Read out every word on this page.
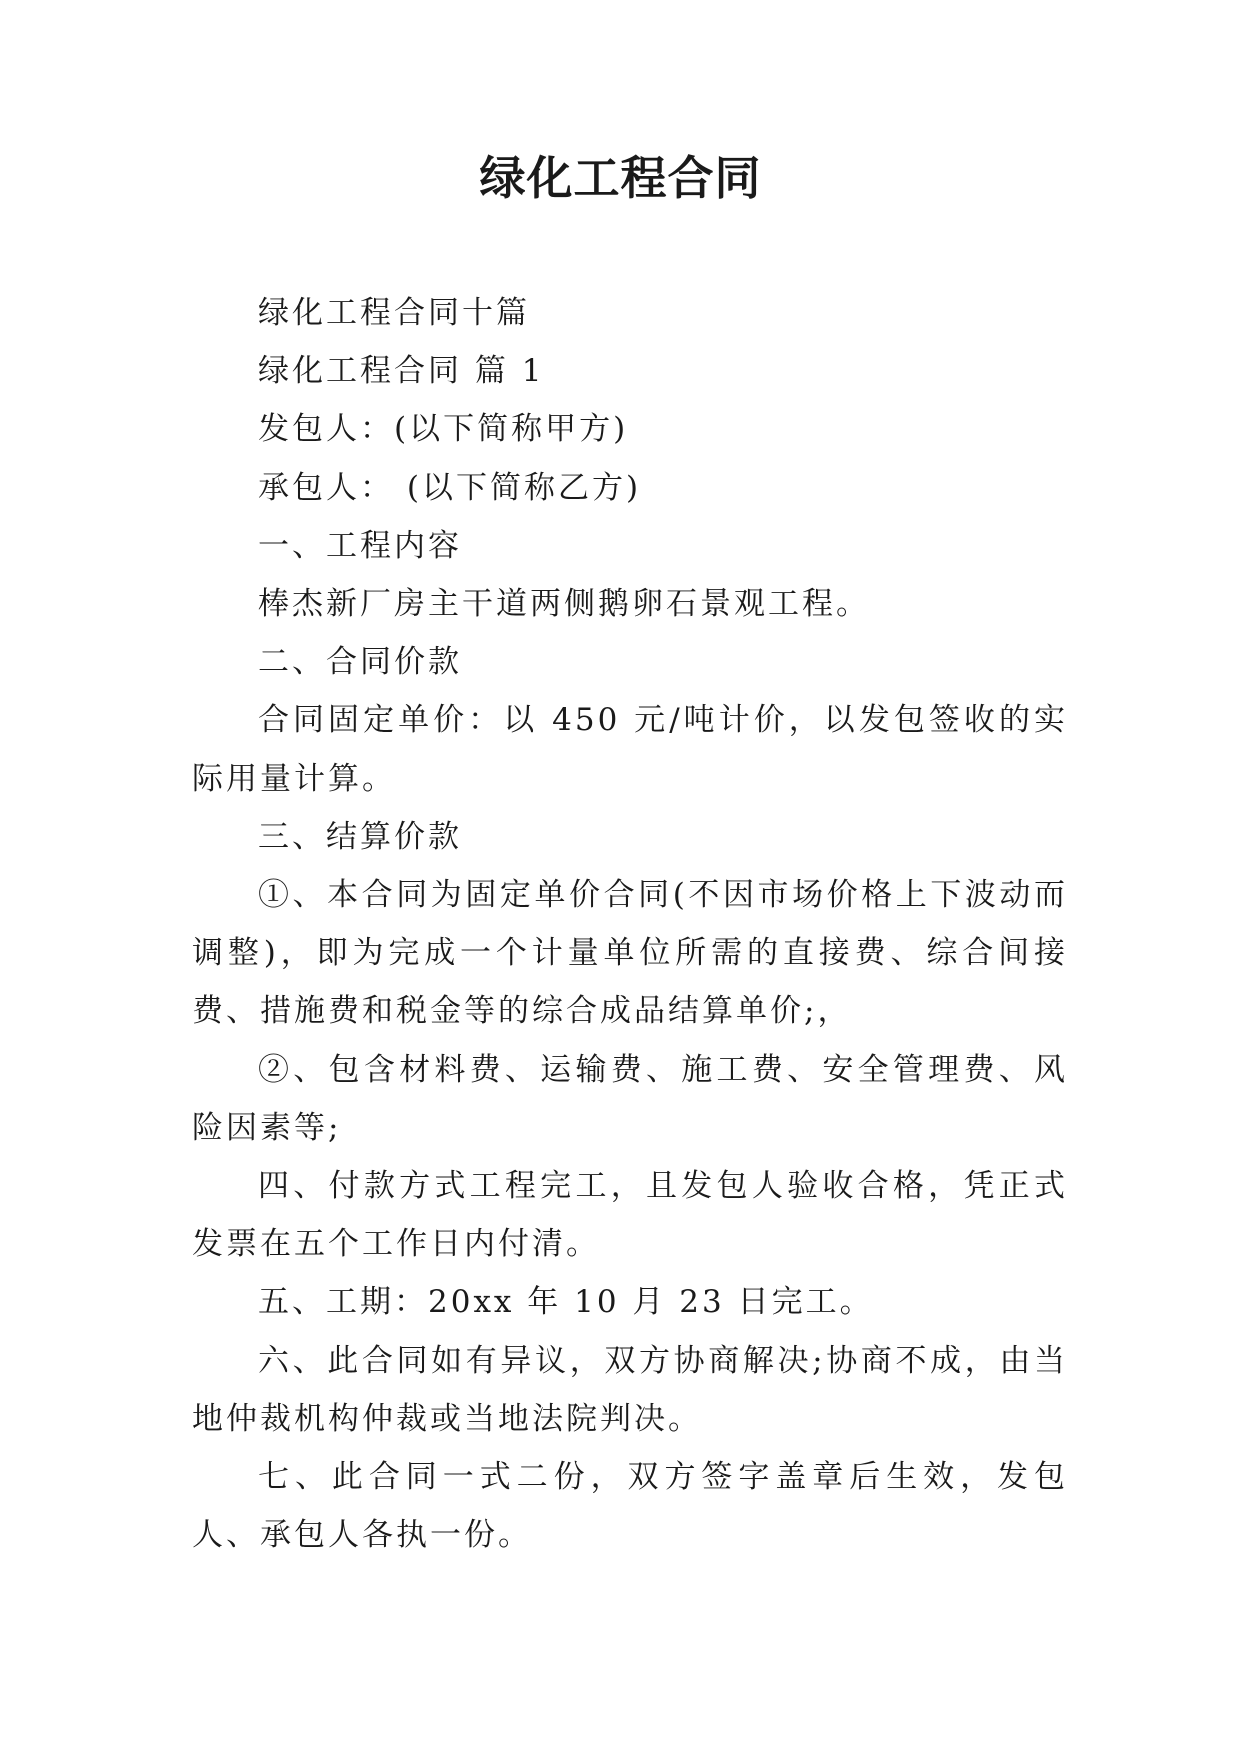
绿化工程合同

绿化工程合同十篇

绿化工程合同 篇 1

发包人：(以下简称甲方)

承包人： (以下简称乙方)

一、工程内容

棒杰新厂房主干道两侧鹅卵石景观工程。

二、合同价款

合同固定单价：以 450 元/吨计价，以发包签收的实际用量计算。

三、结算价款

①、本合同为固定单价合同(不因市场价格上下波动而调整)，即为完成一个计量单位所需的直接费、综合间接费、措施费和税金等的综合成品结算单价;，

②、包含材料费、运输费、施工费、安全管理费、风险因素等;

四、付款方式工程完工，且发包人验收合格，凭正式发票在五个工作日内付清。

五、工期：20xx 年 10 月 23 日完工。

六、此合同如有异议，双方协商解决;协商不成，由当地仲裁机构仲裁或当地法院判决。

七、此合同一式二份，双方签字盖章后生效，发包人、承包人各执一份。
